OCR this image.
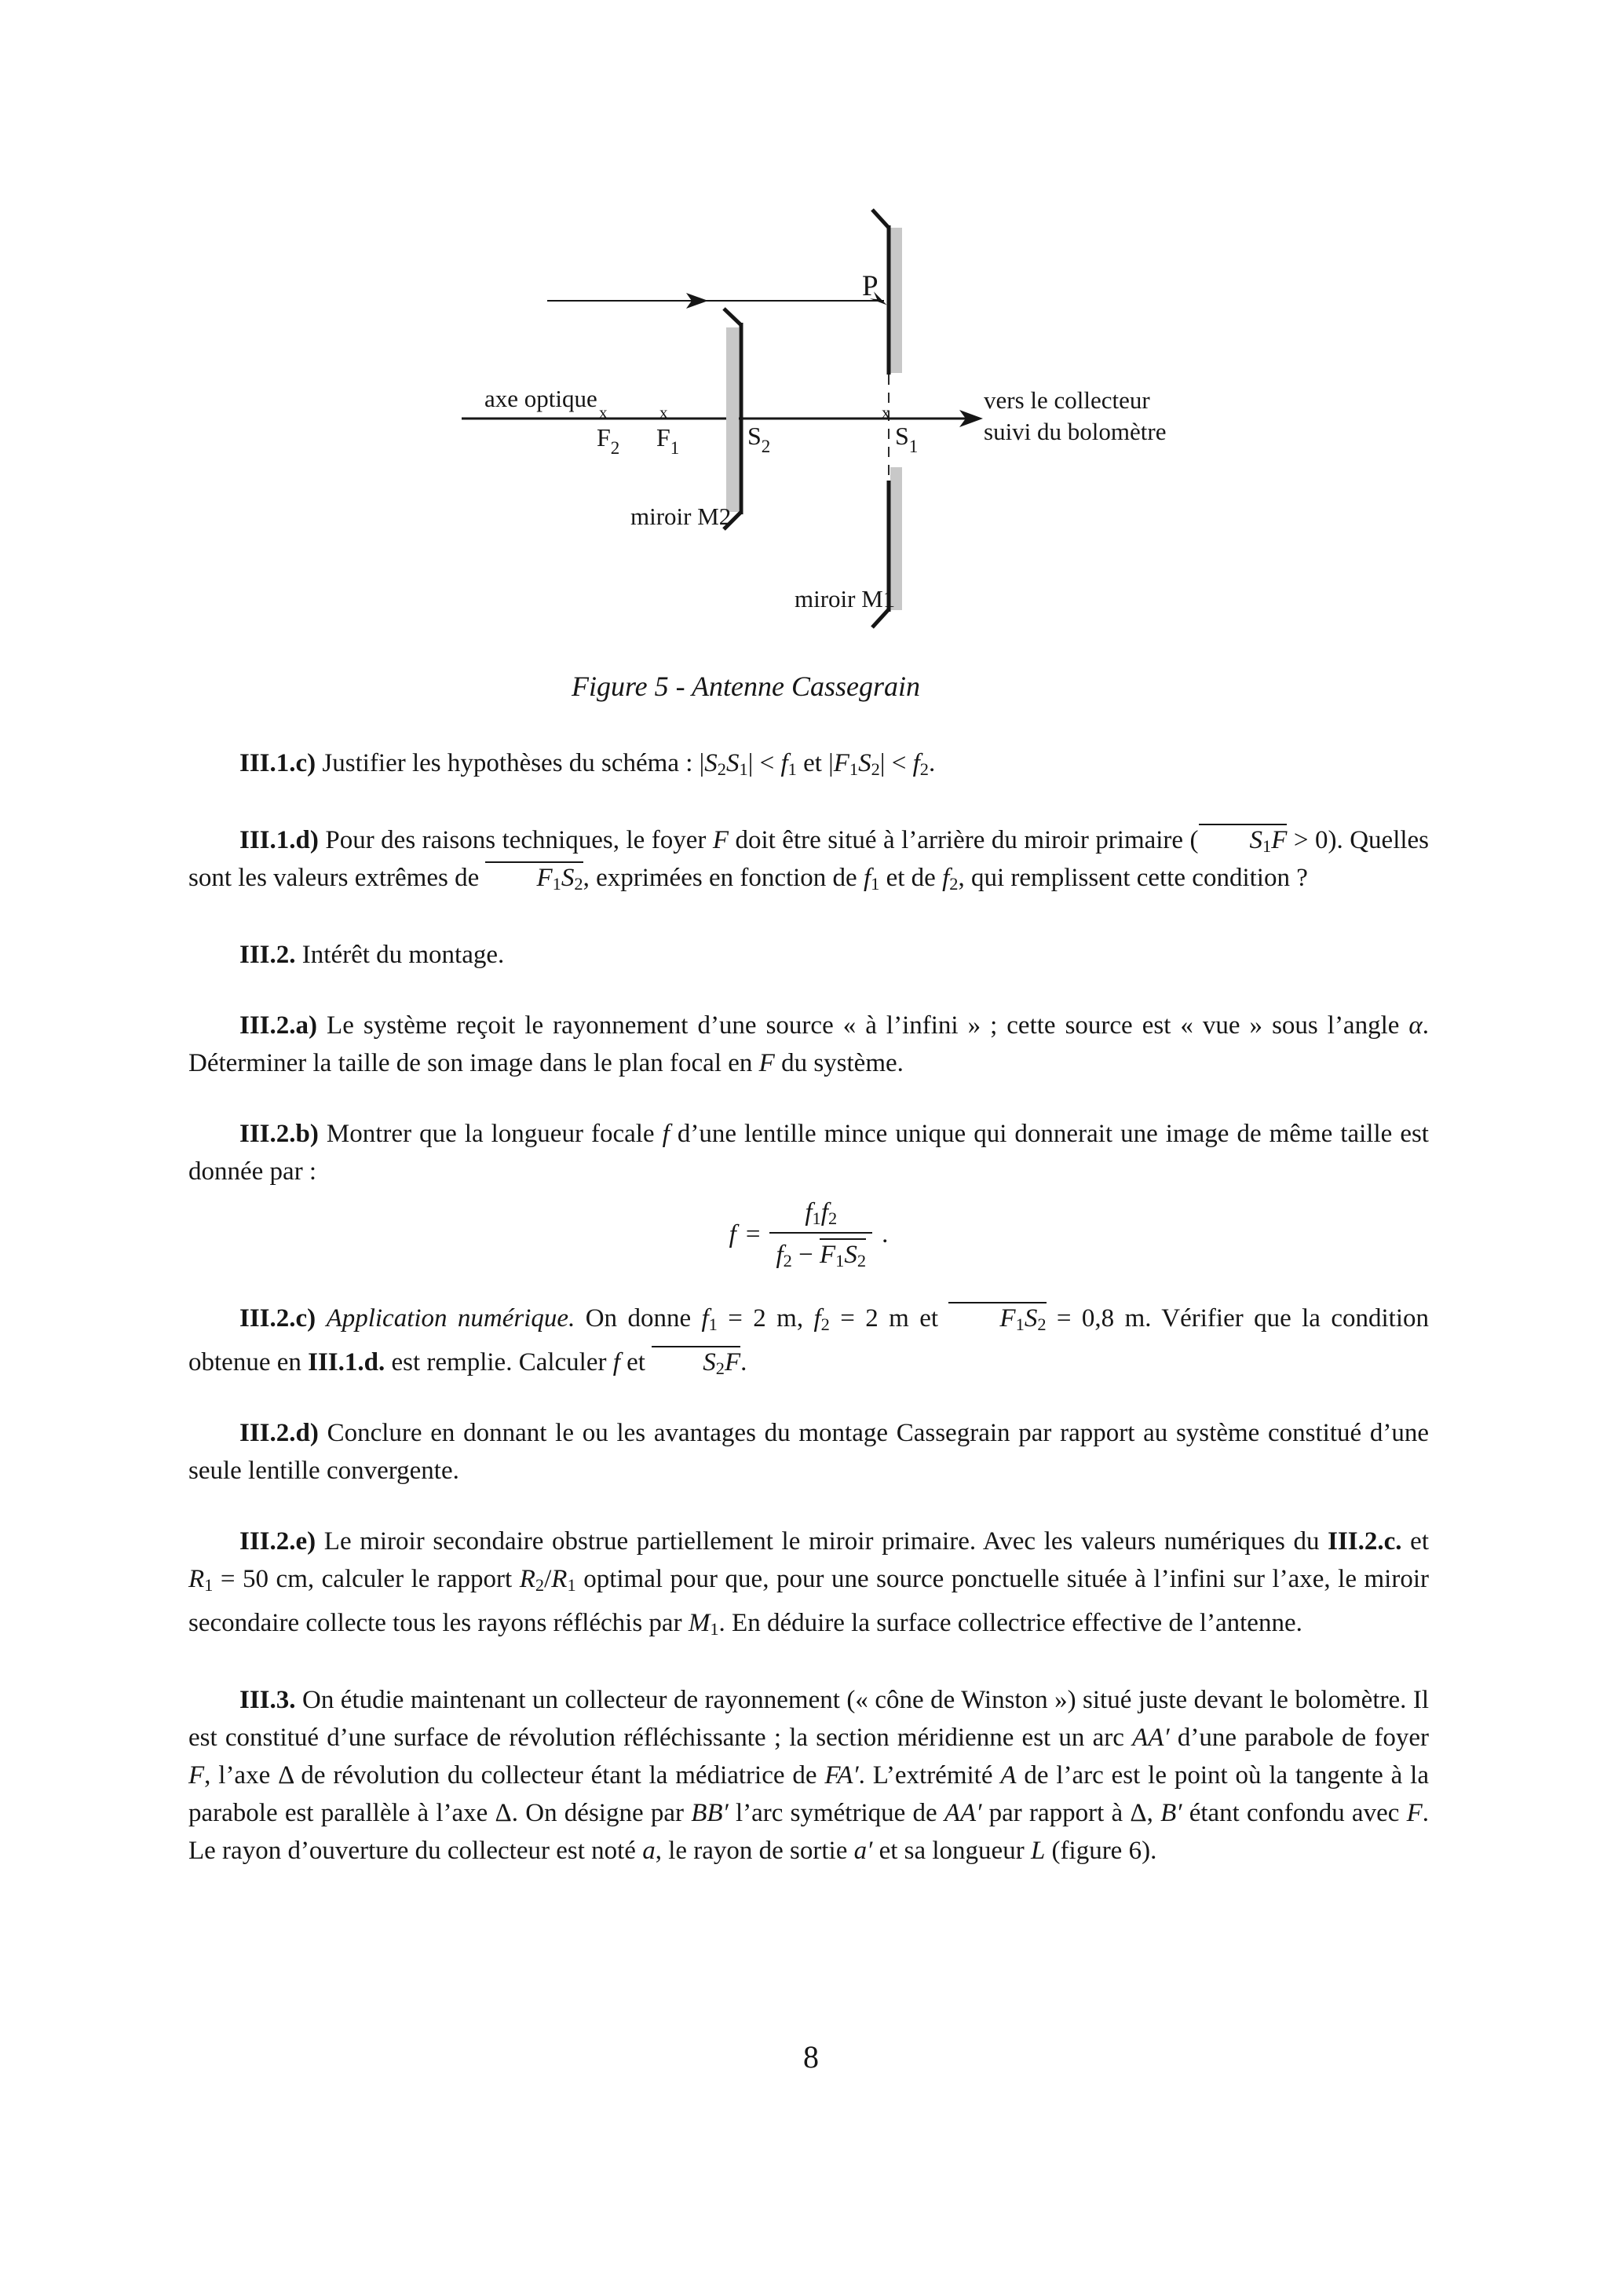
x	x	x
axe optique
$F_2$ $F_1$	$S_2$	$S_1$
P
miroir M2
miroir M1
vers le collecteur
suivi du bolomètre
Figure 5 - Antenne Cassegrain

III.1.c) Justifier les hypothèses du schéma : |S2S1| < f1 et |F1S2| < f2.

III.1.d) Pour des raisons techniques, le foyer F doit être situé à l’arrière du miroir primaire ( S1F > 0). Quelles sont les valeurs extrêmes de F1S2, exprimées en fonction de f1 et de f2, qui remplissent cette condition ?

III.2. Intérêt du montage.

III.2.a) Le système reçoit le rayonnement d’une source « à l’infini » ; cette source est « vue » sous l’angle α. Déterminer la taille de son image dans le plan focal en F du système.

III.2.b) Montrer que la longueur focale f d’une lentille mince unique qui donnerait une image de même taille est donnée par :

$f = \frac{f1f2}{f2 - F1S2}$ .

III.2.c) Application numérique. On donne f1 = 2 m, f2 = 2 m et F1S2 = 0,8 m. Vérifier que la condition obtenue en III.1.d. est remplie. Calculer f et S2F.

III.2.d) Conclure en donnant le ou les avantages du montage Cassegrain par rapport au système constitué d’une seule lentille convergente.

III.2.e) Le miroir secondaire obstrue partiellement le miroir primaire. Avec les valeurs numériques du III.2.c. et R1 = 50 cm, calculer le rapport R2/R1 optimal pour que, pour une source ponctuelle située à l’infini sur l’axe, le miroir secondaire collecte tous les rayons réfléchis par M1. En déduire la surface collectrice effective de l’antenne.

III.3. On étudie maintenant un collecteur de rayonnement (« cône de Winston ») situé juste devant le bolomètre. Il est constitué d’une surface de révolution réfléchissante ; la section méridienne est un arc AA′ d’une parabole de foyer F, l’axe Δ de révolution du collecteur étant la médiatrice de FA′. L’extrémité A de l’arc est le point où la tangente à la parabole est parallèle à l’axe Δ. On désigne par BB′ l’arc symétrique de AA′ par rapport à Δ, B′ étant confondu avec F. Le rayon d’ouverture du collecteur est noté a, le rayon de sortie a′ et sa longueur L (figure 6).

8
